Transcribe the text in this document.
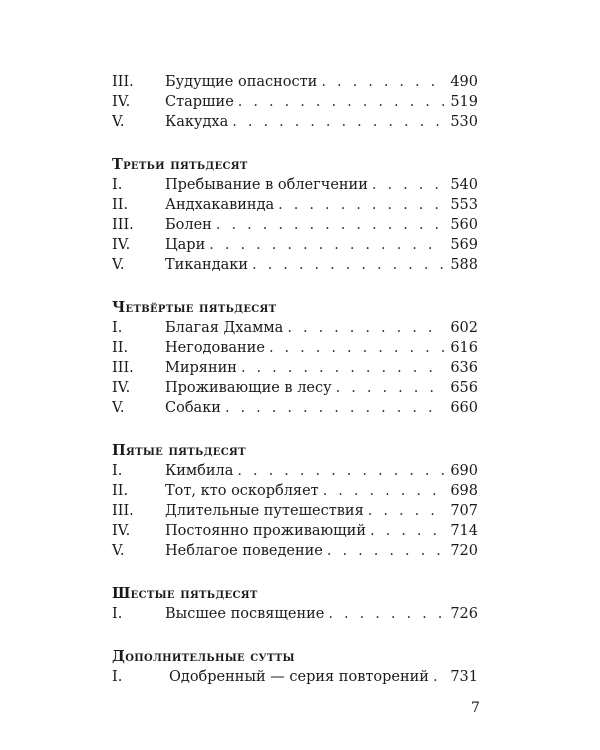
III.	Будущие опасности . . .	490
IV.	Старшие . . .	519
V.	Какудха . . .	530
Третьи пятьдесят
I.	Пребывание в облегчении . . .	540
II.	Андхакавинда . . .	553
III.	Болен . . .	560
IV.	Цари . . .	569
V.	Тикандаки . . .	588
Четвёртые пятьдесят
I.	Благая Дхамма . . .	602
II.	Негодование . . .	616
III.	Мирянин . . .	636
IV.	Проживающие в лесу . . .	656
V.	Собаки . . .	660
Пятые пятьдесят
I.	Кимбила . . .	690
II.	Тот, кто оскорбляет . . .	698
III.	Длительные путешествия . . .	707
IV.	Постоянно проживающий . . .	714
V.	Неблагое поведение . . .	720
Шестые пятьдесят
I.	Высшее посвящение . . .	726
Дополнительные сутты
I.	Одобренный — серия повторений . . . 731
7
